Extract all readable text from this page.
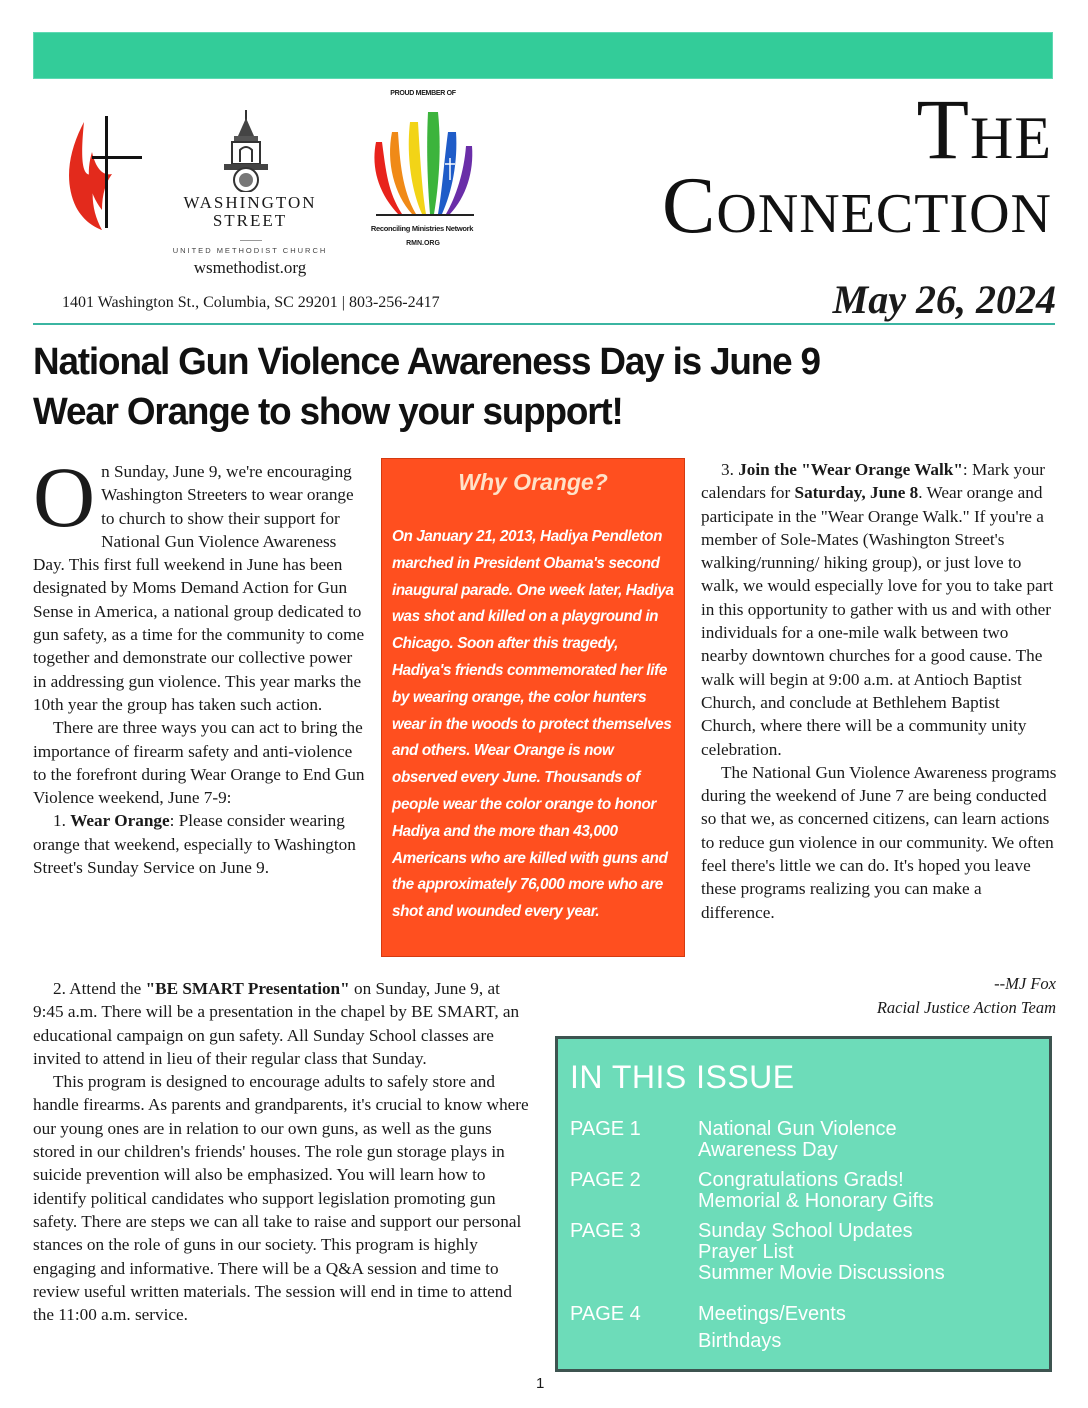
WASHINGTON
STREET
UNITED METHODIST CHURCH
wsmethodist.org
PROUD MEMBER OF
Reconciling Ministries Network
RMN.ORG
The
Connection
May 26, 2024
1401 Washington St., Columbia, SC 29201 | 803-256-2417
National Gun Violence Awareness Day is June 9
Wear Orange to show your support!

On Sunday, June 9, we're encouraging Washington Streeters to wear orange to church to show their support for National Gun Violence Awareness Day. This first full weekend in June has been designated by Moms Demand Action for Gun Sense in America, a national group dedicated to gun safety, as a time for the community to come together and demonstrate our collective power in addressing gun violence. This year marks the 10th year the group has taken such action.

There are three ways you can act to bring the importance of firearm safety and anti-violence to the forefront during Wear Orange to End Gun Violence weekend, June 7-9:

1. Wear Orange: Please consider wearing orange that weekend, especially to Washington Street's Sunday Service on June 9.

2. Attend the "BE SMART Presentation" on Sunday, June 9, at 9:45 a.m. There will be a presentation in the chapel by BE SMART, an educational campaign on gun safety. All Sunday School classes are invited to attend in lieu of their regular class that Sunday.

This program is designed to encourage adults to safely store and handle firearms. As parents and grandparents, it's crucial to know where our young ones are in relation to our own guns, as well as the guns stored in our children's friends' houses. The role gun storage plays in suicide prevention will also be emphasized. You will learn how to identify political candidates who support legislation promoting gun safety. There are steps we can all take to raise and support our personal stances on the role of guns in our society. This program is highly engaging and informative. There will be a Q&A session and time to review useful written materials. The session will end in time to attend the 11:00 a.m. service.

Why Orange?
On January 21, 2013, Hadiya Pendleton marched in President Obama's second inaugural parade. One week later, Hadiya was shot and killed on a playground in Chicago. Soon after this tragedy, Hadiya's friends commemorated her life by wearing orange, the color hunters wear in the woods to protect themselves and others. Wear Orange is now observed every June. Thousands of people wear the color orange to honor Hadiya and the more than 43,000 Americans who are killed with guns and the approximately 76,000 more who are shot and wounded every year.

3. Join the "Wear Orange Walk": Mark your calendars for Saturday, June 8. Wear orange and participate in the "Wear Orange Walk." If you're a member of Sole-Mates (Washington Street's walking/running/ hiking group), or just love to walk, we would especially love for you to take part in this opportunity to gather with us and with other individuals for a one-mile walk between two nearby downtown churches for a good cause. The walk will begin at 9:00 a.m. at Antioch Baptist Church, and conclude at Bethlehem Baptist Church, where there will be a community unity celebration.

The National Gun Violence Awareness programs during the weekend of June 7 are being conducted so that we, as concerned citizens, can learn actions to reduce gun violence in our community. We often feel there's little we can do. It's hoped you leave these programs realizing you can make a difference.

--MJ Fox
Racial Justice Action Team
IN THIS ISSUE
PAGE 1	National Gun Violence
Awareness Day
PAGE 2	Congratulations Grads!
Memorial & Honorary Gifts
PAGE 3	Sunday School Updates
Prayer List
Summer Movie Discussions
PAGE 4	Meetings/Events
Birthdays
1
